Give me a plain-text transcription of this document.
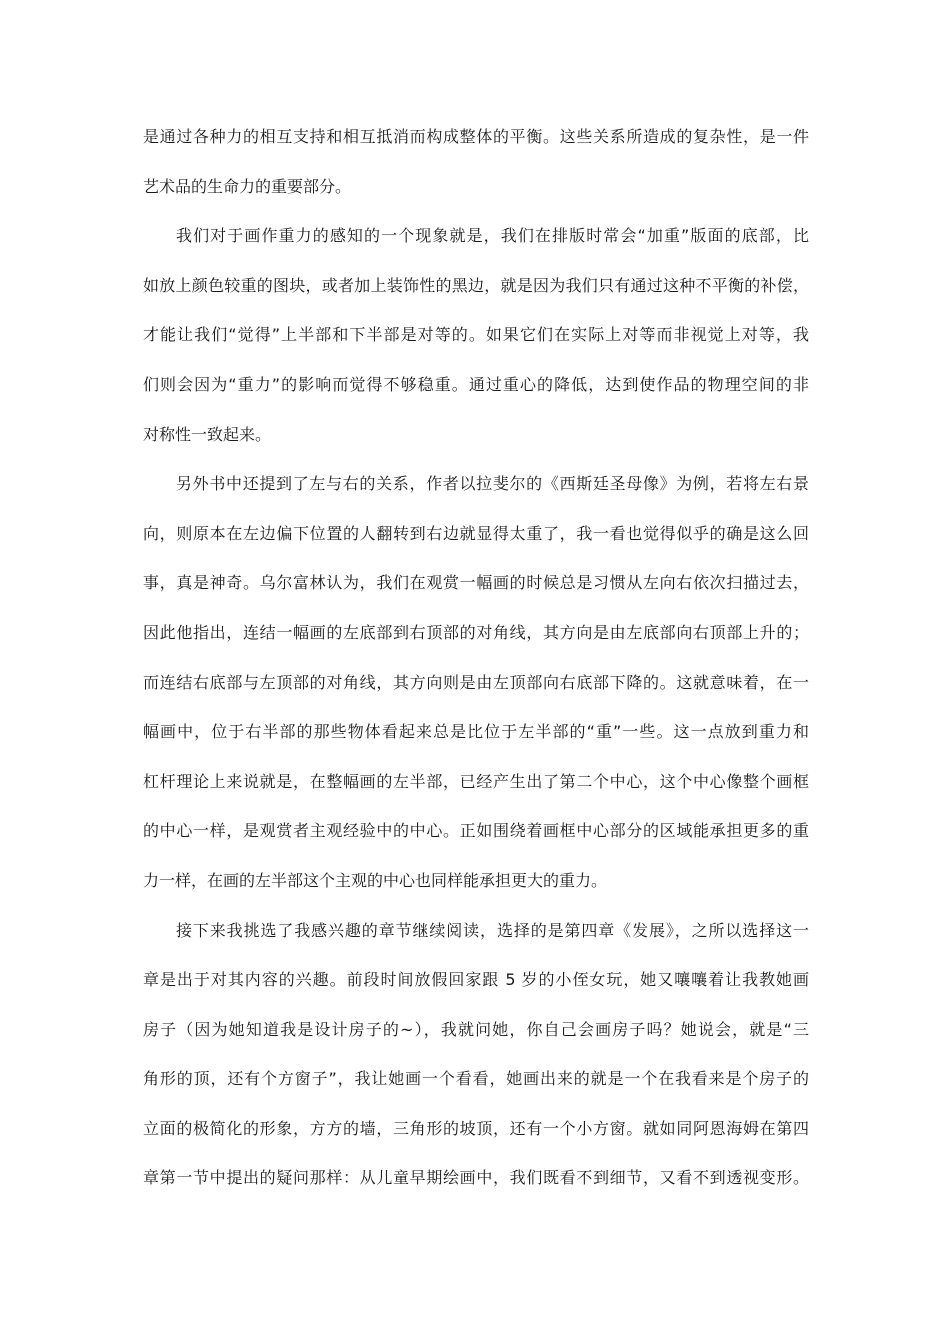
是通过各种力的相互支持和相互抵消而构成整体的平衡。这些关系所造成的复杂性，是一件
艺术品的生命力的重要部分。
我们对于画作重力的感知的一个现象就是，我们在排版时常会“加重”版面的底部，比
如放上颜色较重的图块，或者加上装饰性的黑边，就是因为我们只有通过这种不平衡的补偿，
才能让我们“觉得”上半部和下半部是对等的。如果它们在实际上对等而非视觉上对等，我
们则会因为“重力”的影响而觉得不够稳重。通过重心的降低，达到使作品的物理空间的非
对称性一致起来。
另外书中还提到了左与右的关系，作者以拉斐尔的《西斯廷圣母像》为例，若将左右景
向，则原本在左边偏下位置的人翻转到右边就显得太重了，我一看也觉得似乎的确是这么回
事，真是神奇。乌尔富林认为，我们在观赏一幅画的时候总是习惯从左向右依次扫描过去，
因此他指出，连结一幅画的左底部到右顶部的对角线，其方向是由左底部向右顶部上升的；
而连结右底部与左顶部的对角线，其方向则是由左顶部向右底部下降的。这就意味着，在一
幅画中，位于右半部的那些物体看起来总是比位于左半部的“重”一些。这一点放到重力和
杠杆理论上来说就是，在整幅画的左半部，已经产生出了第二个中心，这个中心像整个画框
的中心一样，是观赏者主观经验中的中心。正如围绕着画框中心部分的区域能承担更多的重
力一样，在画的左半部这个主观的中心也同样能承担更大的重力。
接下来我挑选了我感兴趣的章节继续阅读，选择的是第四章《发展》，之所以选择这一
章是出于对其内容的兴趣。前段时间放假回家跟 5 岁的小侄女玩，她又嚷嚷着让我教她画
房子（因为她知道我是设计房子的~），我就问她，你自己会画房子吗？她说会，就是“三
角形的顶，还有个方窗子”，我让她画一个看看，她画出来的就是一个在我看来是个房子的
立面的极简化的形象，方方的墙，三角形的坡顶，还有一个小方窗。就如同阿恩海姆在第四
章第一节中提出的疑问那样：从儿童早期绘画中，我们既看不到细节，又看不到透视变形。
